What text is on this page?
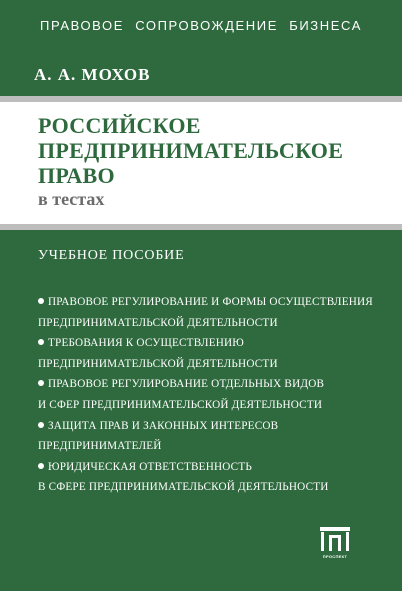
ПРАВОВОЕ СОПРОВОЖДЕНИЕ БИЗНЕСА
А. А. МОХОВ
РОССИЙСКОЕ
ПРЕДПРИНИМАТЕЛЬСКОЕ
ПРАВО
в тестах
УЧЕБНОЕ ПОСОБИЕ
ПРАВОВОЕ РЕГУЛИРОВАНИЕ И ФОРМЫ ОСУЩЕСТВЛЕНИЯ
ПРЕДПРИНИМАТЕЛЬСКОЙ ДЕЯТЕЛЬНОСТИ
ТРЕБОВАНИЯ К ОСУЩЕСТВЛЕНИЮ
ПРЕДПРИНИМАТЕЛЬСКОЙ ДЕЯТЕЛЬНОСТИ
ПРАВОВОЕ РЕГУЛИРОВАНИЕ ОТДЕЛЬНЫХ ВИДОВ
И СФЕР ПРЕДПРИНИМАТЕЛЬСКОЙ ДЕЯТЕЛЬНОСТИ
ЗАЩИТА ПРАВ И ЗАКОННЫХ ИНТЕРЕСОВ
ПРЕДПРИНИМАТЕЛЕЙ
ЮРИДИЧЕСКАЯ ОТВЕТСТВЕННОСТЬ
В СФЕРЕ ПРЕДПРИНИМАТЕЛЬСКОЙ ДЕЯТЕЛЬНОСТИ
ПРОСПЕКТ
